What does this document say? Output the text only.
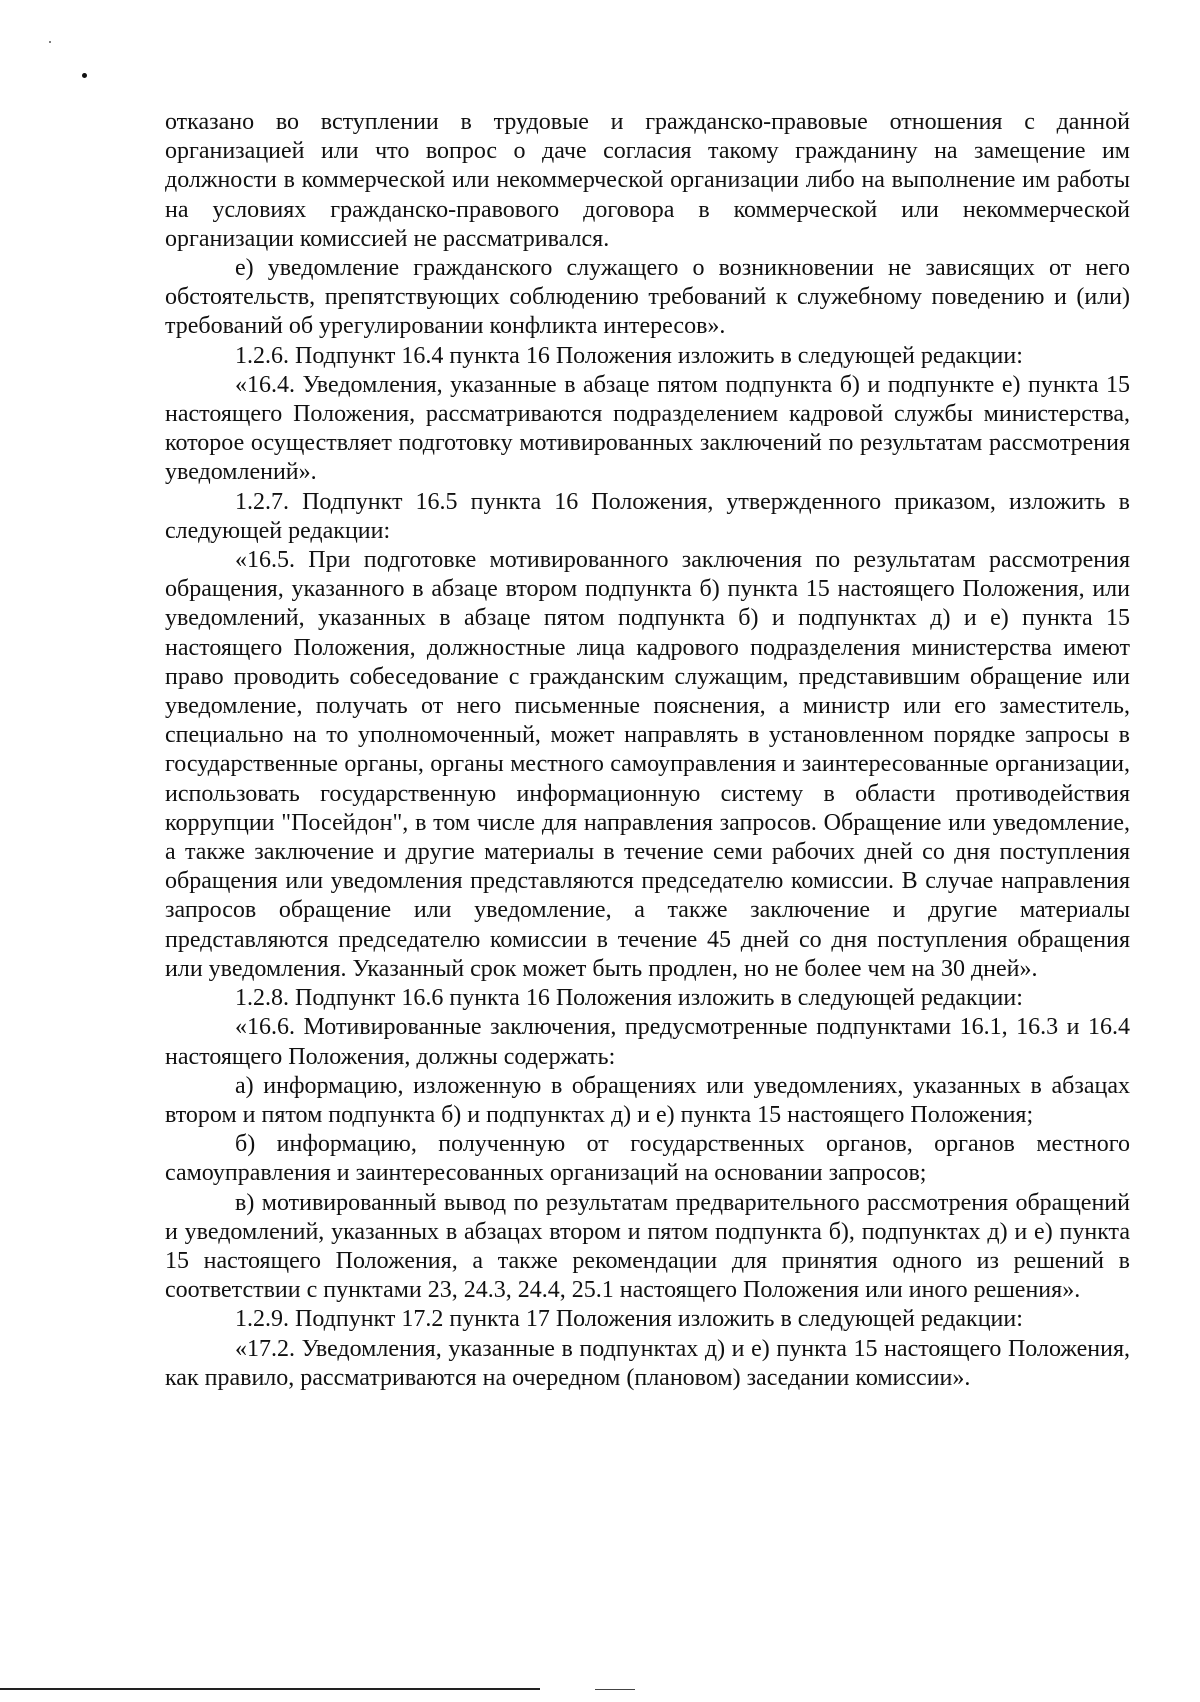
отказано во вступлении в трудовые и гражданско-правовые отношения с данной организацией или что вопрос о даче согласия такому гражданину на замещение им должности в коммерческой или некоммерческой организации либо на выполнение им работы на условиях гражданско-правового договора в коммерческой или некоммерческой организации комиссией не рассматривался.

е) уведомление гражданского служащего о возникновении не зависящих от него обстоятельств, препятствующих соблюдению требований к служебному поведению и (или) требований об урегулировании конфликта интересов».

1.2.6. Подпункт 16.4 пункта 16 Положения изложить в следующей редакции:

«16.4. Уведомления, указанные в абзаце пятом подпункта б) и подпункте е) пункта 15 настоящего Положения, рассматриваются подразделением кадровой службы министерства, которое осуществляет подготовку мотивированных заключений по результатам рассмотрения уведомлений».

1.2.7. Подпункт 16.5 пункта 16 Положения, утвержденного приказом, изложить в следующей редакции:

«16.5. При подготовке мотивированного заключения по результатам рассмотрения обращения, указанного в абзаце втором подпункта б) пункта 15 настоящего Положения, или уведомлений, указанных в абзаце пятом подпункта б) и подпунктах д) и е) пункта 15 настоящего Положения, должностные лица кадрового подразделения министерства имеют право проводить собеседование с гражданским служащим, представившим обращение или уведомление, получать от него письменные пояснения, а министр или его заместитель, специально на то уполномоченный, может направлять в установленном порядке запросы в государственные органы, органы местного самоуправления и заинтересованные организации, использовать государственную информационную систему в области противодействия коррупции "Посейдон", в том числе для направления запросов. Обращение или уведомление, а также заключение и другие материалы в течение семи рабочих дней со дня поступления обращения или уведомления представляются председателю комиссии. В случае направления запросов обращение или уведомление, а также заключение и другие материалы представляются председателю комиссии в течение 45 дней со дня поступления обращения или уведомления. Указанный срок может быть продлен, но не более чем на 30 дней».

1.2.8. Подпункт 16.6 пункта 16 Положения изложить в следующей редакции:

«16.6. Мотивированные заключения, предусмотренные подпунктами 16.1, 16.3 и 16.4 настоящего Положения, должны содержать:

а) информацию, изложенную в обращениях или уведомлениях, указанных в абзацах втором и пятом подпункта б) и подпунктах д) и е) пункта 15 настоящего Положения;

б) информацию, полученную от государственных органов, органов местного самоуправления и заинтересованных организаций на основании запросов;

в) мотивированный вывод по результатам предварительного рассмотрения обращений и уведомлений, указанных в абзацах втором и пятом подпункта б), подпунктах д) и е) пункта 15 настоящего Положения, а также рекомендации для принятия одного из решений в соответствии с пунктами 23, 24.3, 24.4, 25.1 настоящего Положения или иного решения».

1.2.9. Подпункт 17.2 пункта 17 Положения изложить в следующей редакции:

«17.2. Уведомления, указанные в подпунктах д) и е) пункта 15 настоящего Положения, как правило, рассматриваются на очередном (плановом) заседании комиссии».
